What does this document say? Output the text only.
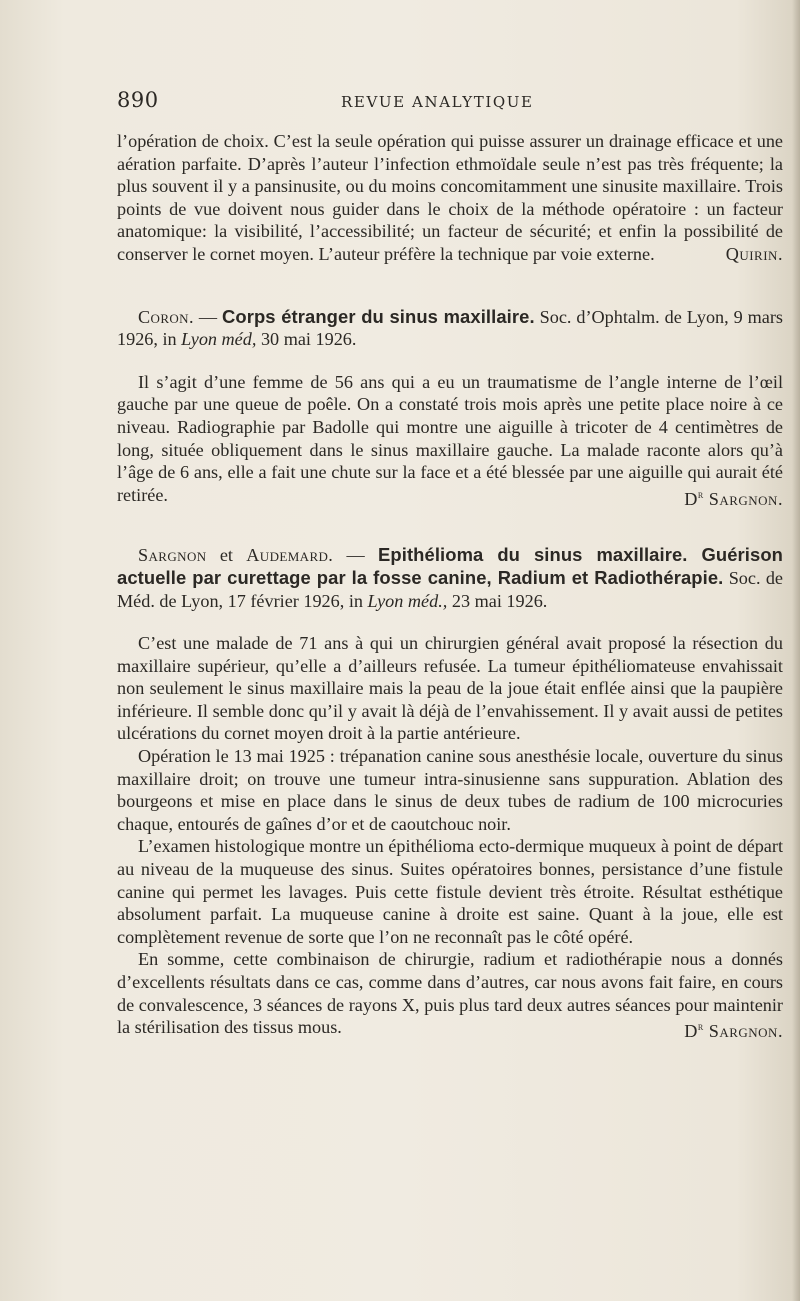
890	REVUE ANALYTIQUE

l’opération de choix. C’est la seule opération qui puisse assurer un drainage efficace et une aération parfaite. D’après l’auteur l’infection ethmoïdale seule n’est pas très fréquente; la plus souvent il y a pansinusite, ou du moins concomitamment une sinusite maxillaire. Trois points de vue doivent nous guider dans le choix de la méthode opératoire : un facteur anatomique: la visibilité, l’accessibilité; un facteur de sécurité; et enfin la possibilité de conserver le cornet moyen. L’auteur préfère la technique par voie externe.	Quirin.

Coron. — Corps étranger du sinus maxillaire. Soc. d’Ophtalm. de Lyon, 9 mars 1926, in Lyon méd, 30 mai 1926.

Il s’agit d’une femme de 56 ans qui a eu un traumatisme de l’angle interne de l’œil gauche par une queue de poêle. On a constaté trois mois après une petite place noire à ce niveau. Radiographie par Badolle qui montre une aiguille à tricoter de 4 centimètres de long, située obliquement dans le sinus maxillaire gauche. La malade raconte alors qu’à l’âge de 6 ans, elle a fait une chute sur la face et a été blessée par une aiguille qui aurait été retirée.	$D^r$ Sargnon.

Sargnon et Audemard. — Epithélioma du sinus maxillaire. Guérison actuelle par curettage par la fosse canine, Radium et Radiothérapie. Soc. de Méd. de Lyon, 17 février 1926, in Lyon méd., 23 mai 1926.

C’est une malade de 71 ans à qui un chirurgien général avait proposé la résection du maxillaire supérieur, qu’elle a d’ailleurs refusée. La tumeur épithéliomateuse envahissait non seulement le sinus maxillaire mais la peau de la joue était enflée ainsi que la paupière inférieure. Il semble donc qu’il y avait là déjà de l’envahissement. Il y avait aussi de petites ulcérations du cornet moyen droit à la partie antérieure.

Opération le 13 mai 1925 : trépanation canine sous anesthésie locale, ouverture du sinus maxillaire droit; on trouve une tumeur intra-sinusienne sans suppuration. Ablation des bourgeons et mise en place dans le sinus de deux tubes de radium de 100 microcuries chaque, entourés de gaînes d’or et de caoutchouc noir.

L’examen histologique montre un épithélioma ecto-dermique muqueux à point de départ au niveau de la muqueuse des sinus. Suites opératoires bonnes, persistance d’une fistule canine qui permet les lavages. Puis cette fistule devient très étroite. Résultat esthétique absolument parfait. La muqueuse canine à droite est saine. Quant à la joue, elle est complètement revenue de sorte que l’on ne reconnaît pas le côté opéré.

En somme, cette combinaison de chirurgie, radium et radiothérapie nous a donnés d’excellents résultats dans ce cas, comme dans d’autres, car nous avons fait faire, en cours de convalescence, 3 séances de rayons X, puis plus tard deux autres séances pour maintenir la stérilisation des tissus mous.	$D^r$ Sargnon.
